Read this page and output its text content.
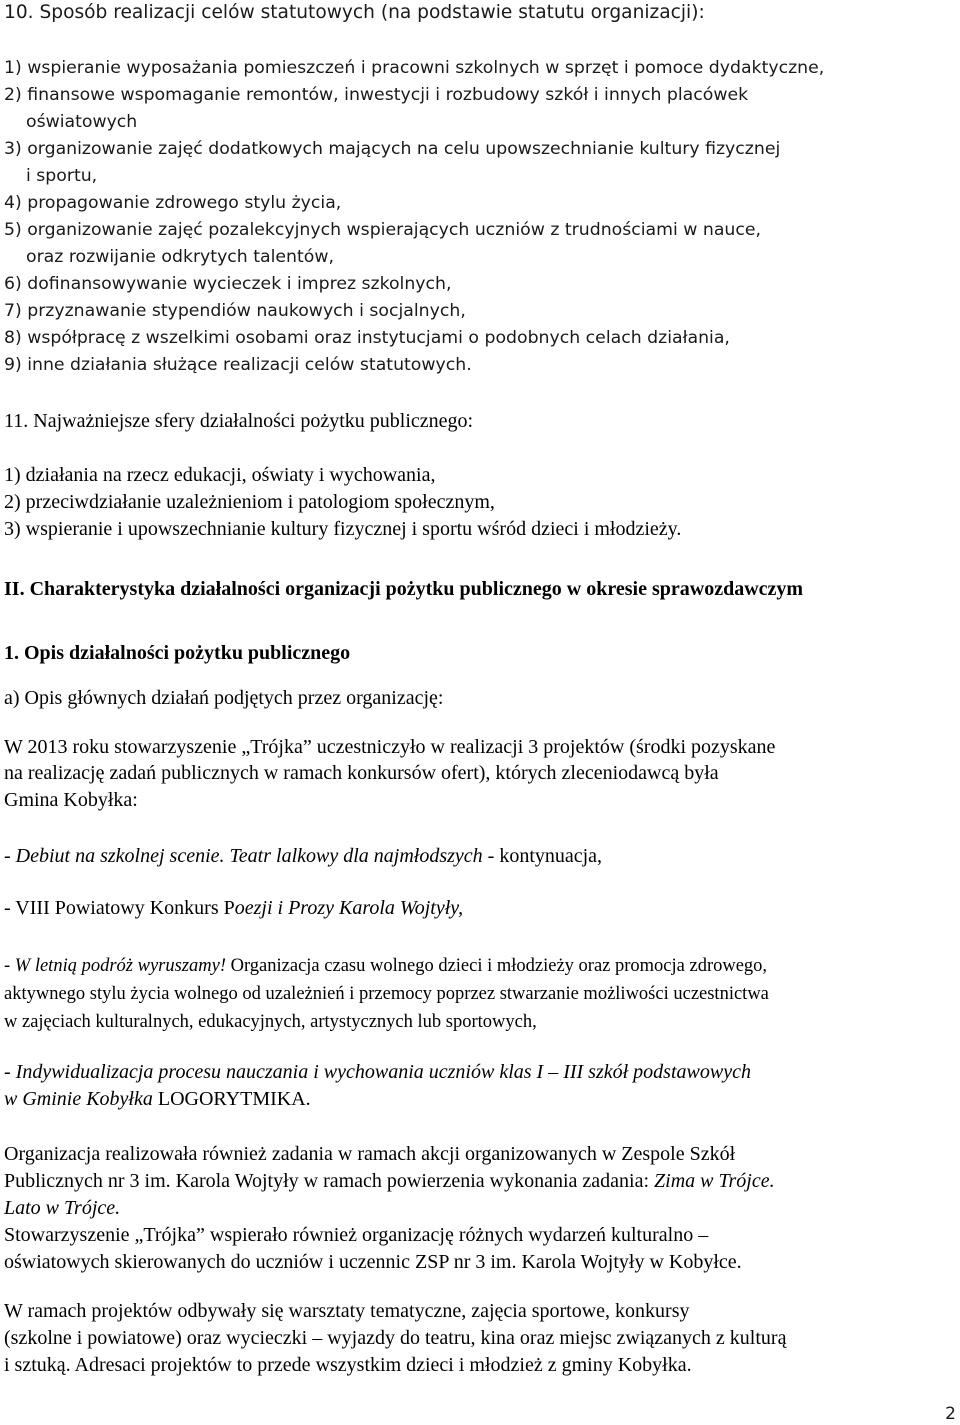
10. Sposób realizacji celów statutowych (na podstawie statutu organizacji):

1) wspieranie wyposażania pomieszczeń i pracowni szkolnych w sprzęt i pomoce dydaktyczne,

2) finansowe wspomaganie remontów, inwestycji i rozbudowy szkół i innych placówek

oświatowych

3) organizowanie zajęć dodatkowych mających na celu upowszechnianie kultury fizycznej

i sportu,

4) propagowanie zdrowego stylu życia,

5) organizowanie zajęć pozalekcyjnych wspierających uczniów z trudnościami w nauce,

oraz rozwijanie odkrytych talentów,

6) dofinansowywanie wycieczek i imprez szkolnych,

7) przyznawanie stypendiów naukowych i socjalnych,

8) współpracę z wszelkimi osobami oraz instytucjami o podobnych celach działania,

9) inne działania służące realizacji celów statutowych.

11. Najważniejsze sfery działalności pożytku publicznego:

1) działania na rzecz edukacji, oświaty i wychowania,

2) przeciwdziałanie uzależnieniom i patologiom społecznym,

3) wspieranie i upowszechnianie kultury fizycznej i sportu wśród dzieci i młodzieży.

II. Charakterystyka działalności organizacji pożytku publicznego w okresie sprawozdawczym

1. Opis działalności pożytku publicznego

a) Opis głównych działań podjętych przez organizację:

W 2013 roku stowarzyszenie „Trójka” uczestniczyło w realizacji 3 projektów (środki pozyskane

na realizację zadań publicznych w ramach konkursów ofert), których zleceniodawcą była

Gmina Kobyłka:

- Debiut na szkolnej scenie. Teatr lalkowy dla najmłodszych - kontynuacja,

- VIII Powiatowy Konkurs Poezji i Prozy Karola Wojtyły,

- W letnią podróż wyruszamy! Organizacja czasu wolnego dzieci i młodzieży oraz promocja zdrowego,

aktywnego stylu życia wolnego od uzależnień i przemocy poprzez stwarzanie możliwości uczestnictwa

w zajęciach kulturalnych, edukacyjnych, artystycznych lub sportowych,

- Indywidualizacja procesu nauczania i wychowania uczniów klas I – III szkół podstawowych

w Gminie Kobyłka LOGORYTMIKA.

Organizacja realizowała również zadania w ramach akcji organizowanych w Zespole Szkół

Publicznych nr 3 im. Karola Wojtyły w ramach powierzenia wykonania zadania: Zima w Trójce.

Lato w Trójce.

Stowarzyszenie „Trójka” wspierało również organizację różnych wydarzeń kulturalno –

oświatowych skierowanych do uczniów i uczennic ZSP nr 3 im. Karola Wojtyły w Kobyłce.

W ramach projektów odbywały się warsztaty tematyczne, zajęcia sportowe, konkursy

(szkolne i powiatowe) oraz wycieczki – wyjazdy do teatru, kina oraz miejsc związanych z kulturą

i sztuką. Adresaci projektów to przede wszystkim dzieci i młodzież z gminy Kobyłka.

2
